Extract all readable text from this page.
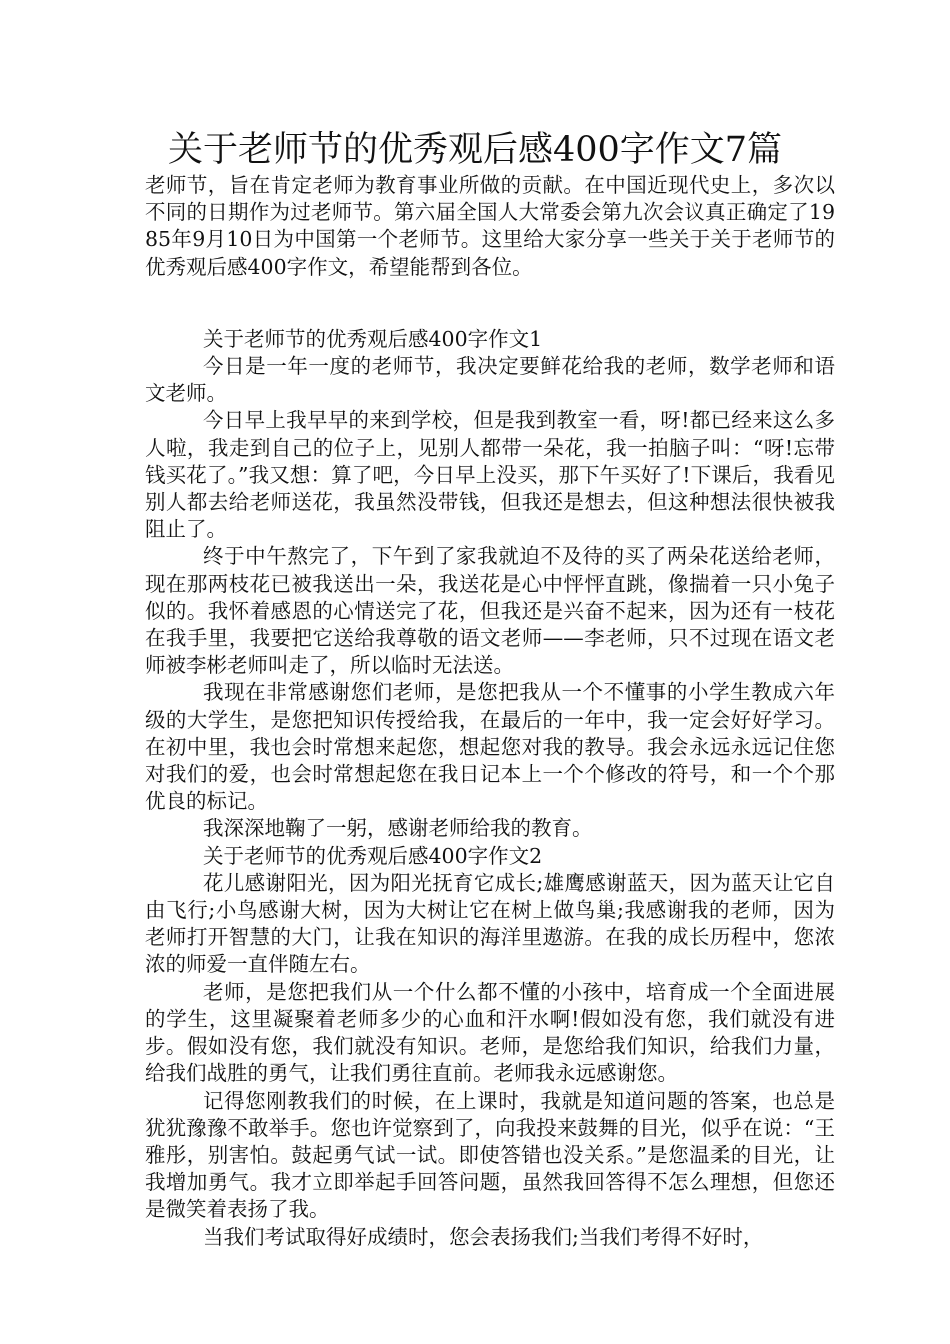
关于老师节的优秀观后感400字作文7篇

老师节，旨在肯定老师为教育事业所做的贡献。在中国近现代史上，多次以不同的日期作为过老师节。第六届全国人大常委会第九次会议真正确定了1985年9月10日为中国第一个老师节。这里给大家分享一些关于关于老师节的优秀观后感400字作文，希望能帮到各位。

关于老师节的优秀观后感400字作文1

今日是一年一度的老师节，我决定要鲜花给我的老师，数学老师和语文老师。

今日早上我早早的来到学校，但是我到教室一看，呀!都已经来这么多人啦，我走到自己的位子上，见别人都带一朵花，我一拍脑子叫：“呀!忘带钱买花了。”我又想：算了吧，今日早上没买，那下午买好了!下课后，我看见别人都去给老师送花，我虽然没带钱，但我还是想去，但这种想法很快被我阻止了。

终于中午熬完了，下午到了家我就迫不及待的买了两朵花送给老师，现在那两枝花已被我送出一朵，我送花是心中怦怦直跳，像揣着一只小兔子似的。我怀着感恩的心情送完了花，但我还是兴奋不起来，因为还有一枝花在我手里，我要把它送给我尊敬的语文老师——李老师，只不过现在语文老师被李彬老师叫走了，所以临时无法送。

我现在非常感谢您们老师，是您把我从一个不懂事的小学生教成六年级的大学生，是您把知识传授给我，在最后的一年中，我一定会好好学习。在初中里，我也会时常想来起您，想起您对我的教导。我会永远永远记住您对我们的爱，也会时常想起您在我日记本上一个个修改的符号，和一个个那优良的标记。

我深深地鞠了一躬，感谢老师给我的教育。

关于老师节的优秀观后感400字作文2

花儿感谢阳光，因为阳光抚育它成长;雄鹰感谢蓝天，因为蓝天让它自由飞行;小鸟感谢大树，因为大树让它在树上做鸟巢;我感谢我的老师，因为老师打开智慧的大门，让我在知识的海洋里遨游。在我的成长历程中，您浓浓的师爱一直伴随左右。

老师，是您把我们从一个什么都不懂的小孩中，培育成一个全面进展的学生，这里凝聚着老师多少的心血和汗水啊!假如没有您，我们就没有进步。假如没有您，我们就没有知识。老师，是您给我们知识，给我们力量，给我们战胜的勇气，让我们勇往直前。老师我永远感谢您。

记得您刚教我们的时候，在上课时，我就是知道问题的答案，也总是犹犹豫豫不敢举手。您也许觉察到了，向我投来鼓舞的目光，似乎在说：“王雅彤，别害怕。鼓起勇气试一试。即使答错也没关系。”是您温柔的目光，让我增加勇气。我才立即举起手回答问题，虽然我回答得不怎么理想，但您还是微笑着表扬了我。

当我们考试取得好成绩时，您会表扬我们;当我们考得不好时，
